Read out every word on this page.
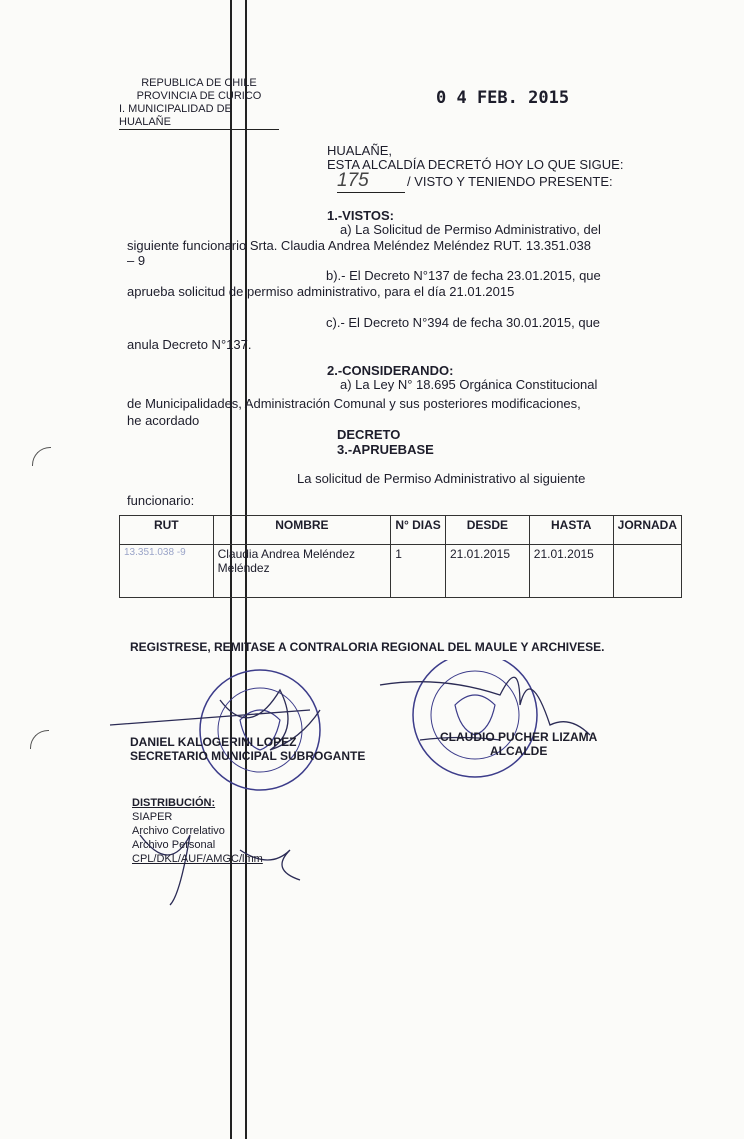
REPUBLICA DE CHILE
PROVINCIA DE CURICO
I. MUNICIPALIDAD DE HUALAÑE
0 4 FEB. 2015
HUALAÑE,
ESTA ALCALDÍA DECRETÓ HOY LO QUE SIGUE:
175	/ VISTO Y TENIENDO PRESENTE:
1.-VISTOS:
a) La Solicitud de Permiso Administrativo, del
siguiente funcionario Srta. Claudia Andrea Meléndez Meléndez RUT. 13.351.038
– 9
b).- El Decreto N°137 de fecha 23.01.2015, que
aprueba solicitud de permiso administrativo, para el día 21.01.2015
c).- El Decreto N°394 de fecha 30.01.2015, que
anula Decreto N°137.
2.-CONSIDERANDO:
a) La Ley N° 18.695 Orgánica Constitucional
de Municipalidades, Administración Comunal y sus posteriores modificaciones,
he acordado
DECRETO
3.-APRUEBASE
La solicitud de Permiso Administrativo al siguiente
funcionario:
RUT	NOMBRE	N° DIAS	DESDE	HASTA	JORNADA
13.351.038 -9	Claudia Andrea Meléndez Meléndez	1	21.01.2015	21.01.2015	
REGISTRESE, REMITASE A CONTRALORIA REGIONAL DEL MAULE Y ARCHIVESE.
DANIEL KALOGERINI LOPEZ
SECRETARIO MUNICIPAL SUBROGANTE
CLAUDIO PUCHER LIZAMA
ALCALDE
DISTRIBUCIÓN:
SIAPER
Archivo Correlativo
Archivo Personal
CPL/DKL/AUF/AMGC/lmm
